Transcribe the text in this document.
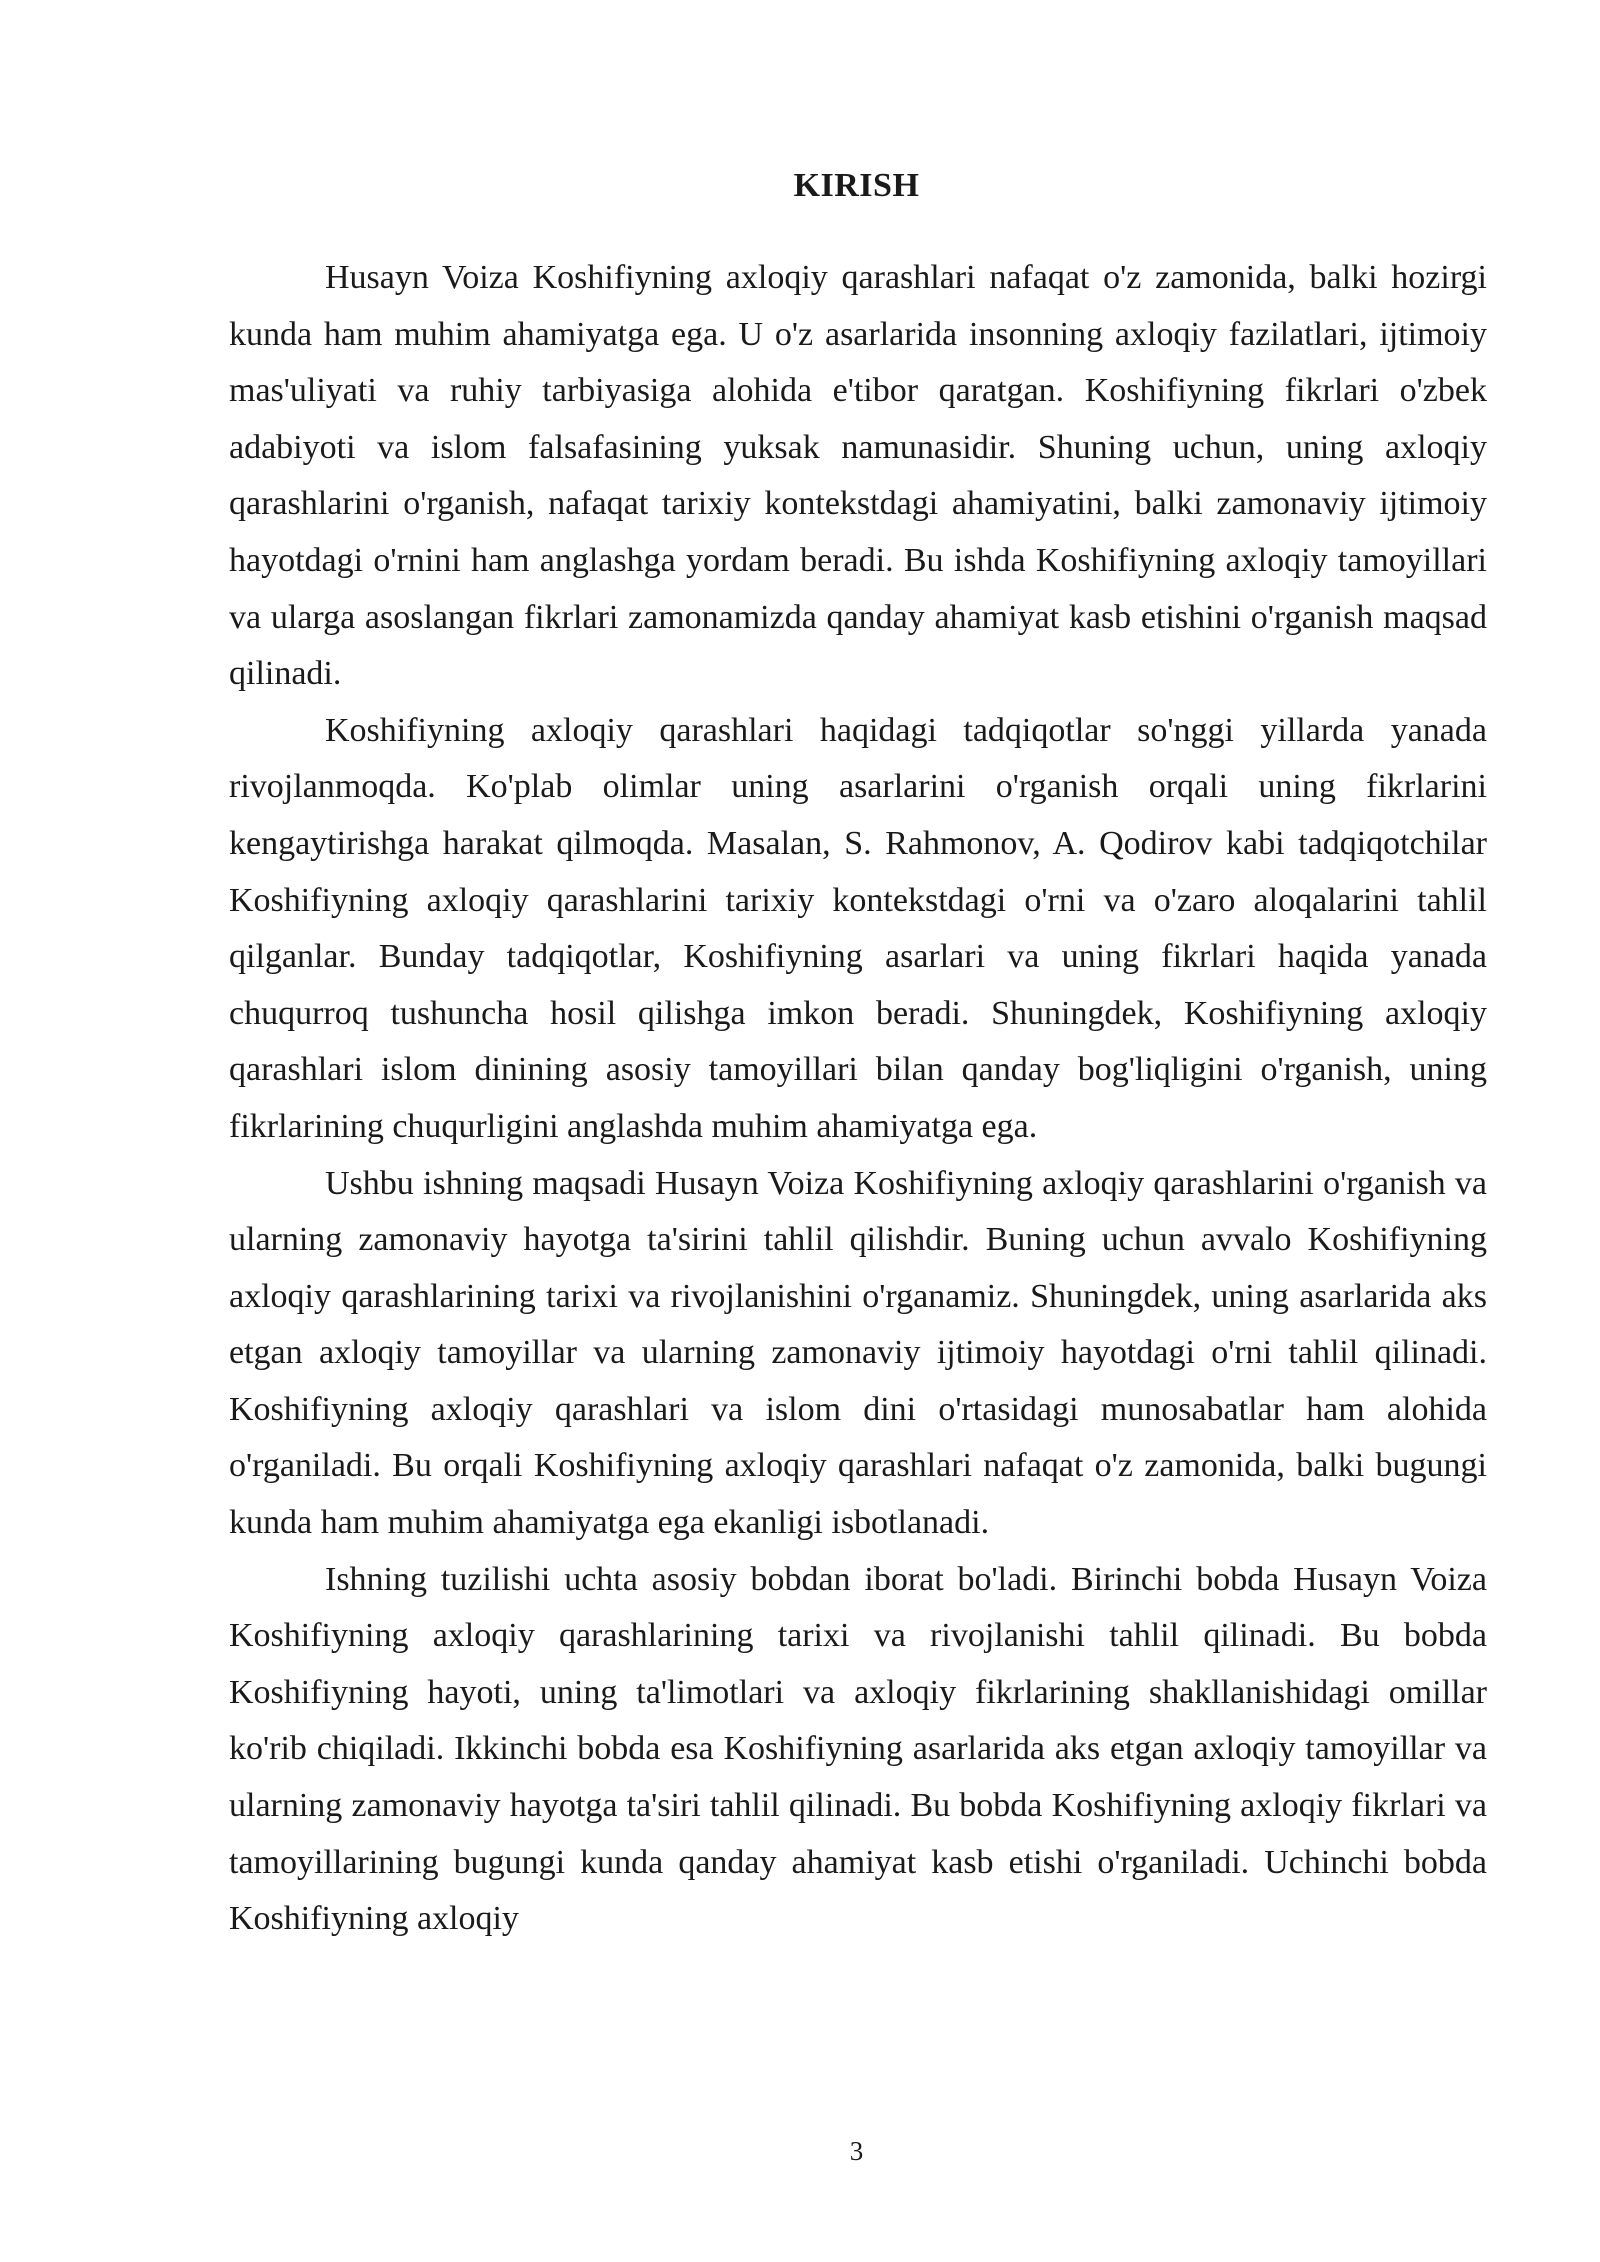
KIRISH

Husayn Voiza Koshifiyning axloqiy qarashlari nafaqat o'z zamonida, balki hozirgi kunda ham muhim ahamiyatga ega. U o'z asarlarida insonning axloqiy fazilatlari, ijtimoiy mas'uliyati va ruhiy tarbiyasiga alohida e'tibor qaratgan. Koshifiyning fikrlari o'zbek adabiyoti va islom falsafasining yuksak namunasidir. Shuning uchun, uning axloqiy qarashlarini o'rganish, nafaqat tarixiy kontekstdagi ahamiyatini, balki zamonaviy ijtimoiy hayotdagi o'rnini ham anglashga yordam beradi. Bu ishda Koshifiyning axloqiy tamoyillari va ularga asoslangan fikrlari zamonamizda qanday ahamiyat kasb etishini o'rganish maqsad qilinadi.

Koshifiyning axloqiy qarashlari haqidagi tadqiqotlar so'nggi yillarda yanada rivojlanmoqda. Ko'plab olimlar uning asarlarini o'rganish orqali uning fikrlarini kengaytirishga harakat qilmoqda. Masalan, S. Rahmonov, A. Qodirov kabi tadqiqotchilar Koshifiyning axloqiy qarashlarini tarixiy kontekstdagi o'rni va o'zaro aloqalarini tahlil qilganlar. Bunday tadqiqotlar, Koshifiyning asarlari va uning fikrlari haqida yanada chuqurroq tushuncha hosil qilishga imkon beradi. Shuningdek, Koshifiyning axloqiy qarashlari islom dinining asosiy tamoyillari bilan qanday bog'liqligini o'rganish, uning fikrlarining chuqurligini anglashda muhim ahamiyatga ega.

Ushbu ishning maqsadi Husayn Voiza Koshifiyning axloqiy qarashlarini o'rganish va ularning zamonaviy hayotga ta'sirini tahlil qilishdir. Buning uchun avvalo Koshifiyning axloqiy qarashlarining tarixi va rivojlanishini o'rganamiz. Shuningdek, uning asarlarida aks etgan axloqiy tamoyillar va ularning zamonaviy ijtimoiy hayotdagi o'rni tahlil qilinadi. Koshifiyning axloqiy qarashlari va islom dini o'rtasidagi munosabatlar ham alohida o'rganiladi. Bu orqali Koshifiyning axloqiy qarashlari nafaqat o'z zamonida, balki bugungi kunda ham muhim ahamiyatga ega ekanligi isbotlanadi.

Ishning tuzilishi uchta asosiy bobdan iborat bo'ladi. Birinchi bobda Husayn Voiza Koshifiyning axloqiy qarashlarining tarixi va rivojlanishi tahlil qilinadi. Bu bobda Koshifiyning hayoti, uning ta'limotlari va axloqiy fikrlarining shakllanishidagi omillar ko'rib chiqiladi. Ikkinchi bobda esa Koshifiyning asarlarida aks etgan axloqiy tamoyillar va ularning zamonaviy hayotga ta'siri tahlil qilinadi. Bu bobda Koshifiyning axloqiy fikrlari va tamoyillarining bugungi kunda qanday ahamiyat kasb etishi o'rganiladi. Uchinchi bobda Koshifiyning axloqiy

3
